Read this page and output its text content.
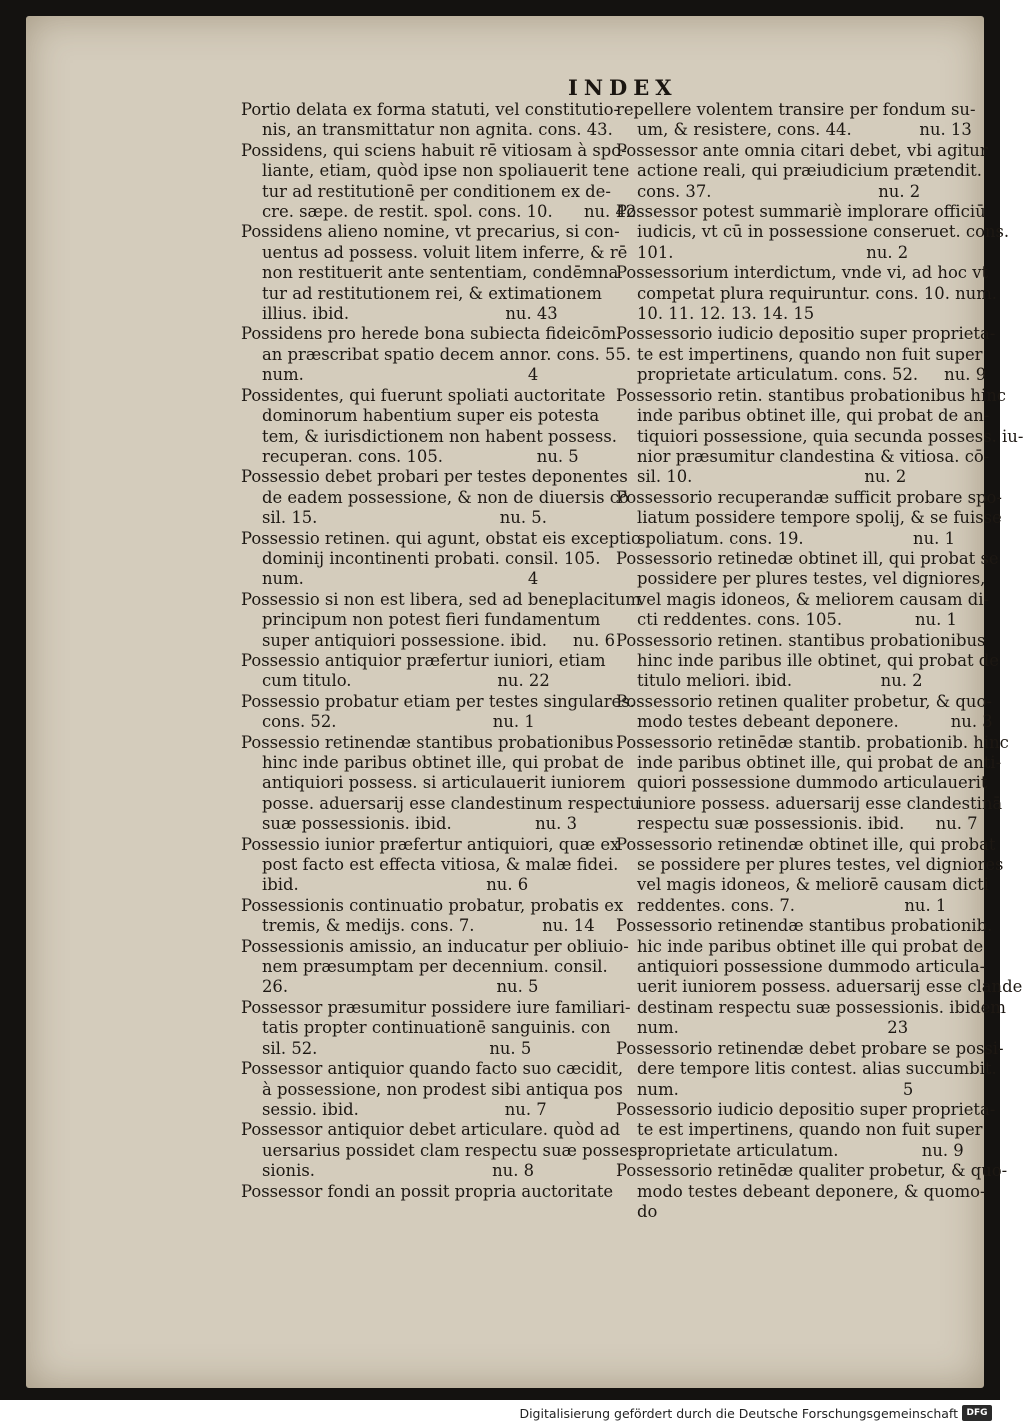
INDEX
Portio delata ex forma statuti, vel constitutio-
nis, an transmittatur non agnita. cons. 43.
Possidens, qui sciens habuit rē vitiosam à spo-
liante, etiam, quòd ipse non spoliauerit tene
tur ad restitutionē per conditionem ex de-
cre. sæpe. de restit. spol. cons. 10.      nu. 42
Possidens alieno nomine, vt precarius, si con-
uentus ad possess. voluit litem inferre, & rē
non restituerit ante sententiam, condēmna
tur ad restitutionem rei, & extimationem
illius. ibid.                              nu. 43
Possidens pro herede bona subiecta fideicōm.
an præscribat spatio decem annor. cons. 55.
num.                                           4
Possidentes, qui fuerunt spoliati auctoritate
dominorum habentium super eis potesta
tem, & iurisdictionem non habent possess.
recuperan. cons. 105.                  nu. 5
Possessio debet probari per testes deponentes
de eadem possessione, & non de diuersis cō
sil. 15.                                   nu. 5.
Possessio retinen. qui agunt, obstat eis exceptio
dominij incontinenti probati. consil. 105.
num.                                           4
Possessio si non est libera, sed ad beneplacitum
principum non potest fieri fundamentum
super antiquiori possessione. ibid.     nu. 6
Possessio antiquior præfertur iuniori, etiam
cum titulo.                            nu. 22
Possessio probatur etiam per testes singulares.
cons. 52.                              nu. 1
Possessio retinendæ stantibus probationibus
hinc inde paribus obtinet ille, qui probat de
antiquiori possess. si articulauerit iuniorem
posse. aduersarij esse clandestinum respectu
suæ possessionis. ibid.                nu. 3
Possessio iunior præfertur antiquiori, quæ ex
post facto est effecta vitiosa, & malæ fidei.
ibid.                                    nu. 6
Possessionis continuatio probatur, probatis ex
tremis, & medijs. cons. 7.             nu. 14
Possessionis amissio, an inducatur per obliuio-
nem præsumptam per decennium. consil.
26.                                        nu. 5
Possessor præsumitur possidere iure familiari-
tatis propter continuationē sanguinis. con
sil. 52.                                 nu. 5
Possessor antiquior quando facto suo cæcidit,
à possessione, non prodest sibi antiqua pos
sessio. ibid.                            nu. 7
Possessor antiquior debet articulare. quòd ad
uersarius possidet clam respectu suæ posses-
sionis.                                  nu. 8
Possessor fondi an possit propria auctoritate
repellere volentem transire per fondum su-
um, & resistere, cons. 44.             nu. 13
Possessor ante omnia citari debet, vbi agitur
actione reali, qui præiudicium prætendit.
cons. 37.                                nu. 2
Possessor potest summariè implorare officiū
iudicis, vt cū in possessione conseruet. cons.
101.                                     nu. 2
Possessorium interdictum, vnde vi, ad hoc vt
competat plura requiruntur. cons. 10. num.
10. 11. 12. 13. 14. 15
Possessorio iudicio depositio super proprieta-
te est impertinens, quando non fuit super
proprietate articulatum. cons. 52.     nu. 9
Possessorio retin. stantibus probationibus hinc
inde paribus obtinet ille, qui probat de an-
tiquiori possessione, quia secunda possess. iu-
nior præsumitur clandestina & vitiosa. cō-
sil. 10.                                 nu. 2
Possessorio recuperandæ sufficit probare spo-
liatum possidere tempore spolij, & se fuisse
spoliatum. cons. 19.                     nu. 1
Possessorio retinedæ obtinet ill, qui probat se
possidere per plures testes, vel digniores,
vel magis idoneos, & meliorem causam di-
cti reddentes. cons. 105.              nu. 1
Possessorio retinen. stantibus probationibus
hinc inde paribus ille obtinet, qui probat de
titulo meliori. ibid.                 nu. 2
Possessorio retinen qualiter probetur, & quo-
modo testes debeant deponere.          nu. 3
Possessorio retinēdæ stantib. probationib. hinc
inde paribus obtinet ille, qui probat de anti-
quiori possessione dummodo articulauerit
iuniore possess. aduersarij esse clandestinā
respectu suæ possessionis. ibid.      nu. 7
Possessorio retinendæ obtinet ille, qui probat
se possidere per plures testes, vel digniores
vel magis idoneos, & meliorē causam dicti
reddentes. cons. 7.                     nu. 1
Possessorio retinendæ stantibus probationib.
hic inde paribus obtinet ille qui probat de
antiquiori possessione dummodo articula-
uerit iuniorem possess. aduersarij esse clande
destinam respectu suæ possessionis. ibidem
num.                                        23
Possessorio retinendæ debet probare se possi-
dere tempore litis contest. alias succumbit.
num.                                           5
Possessorio iudicio depositio super proprieta-
te est impertinens, quando non fuit super
proprietate articulatum.                nu. 9
Possessorio retinēdæ qualiter probetur, & quo-
modo testes debeant deponere, & quomo-
do
Digitalisierung gefördert durch die Deutsche Forschungsgemeinschaft DFG
